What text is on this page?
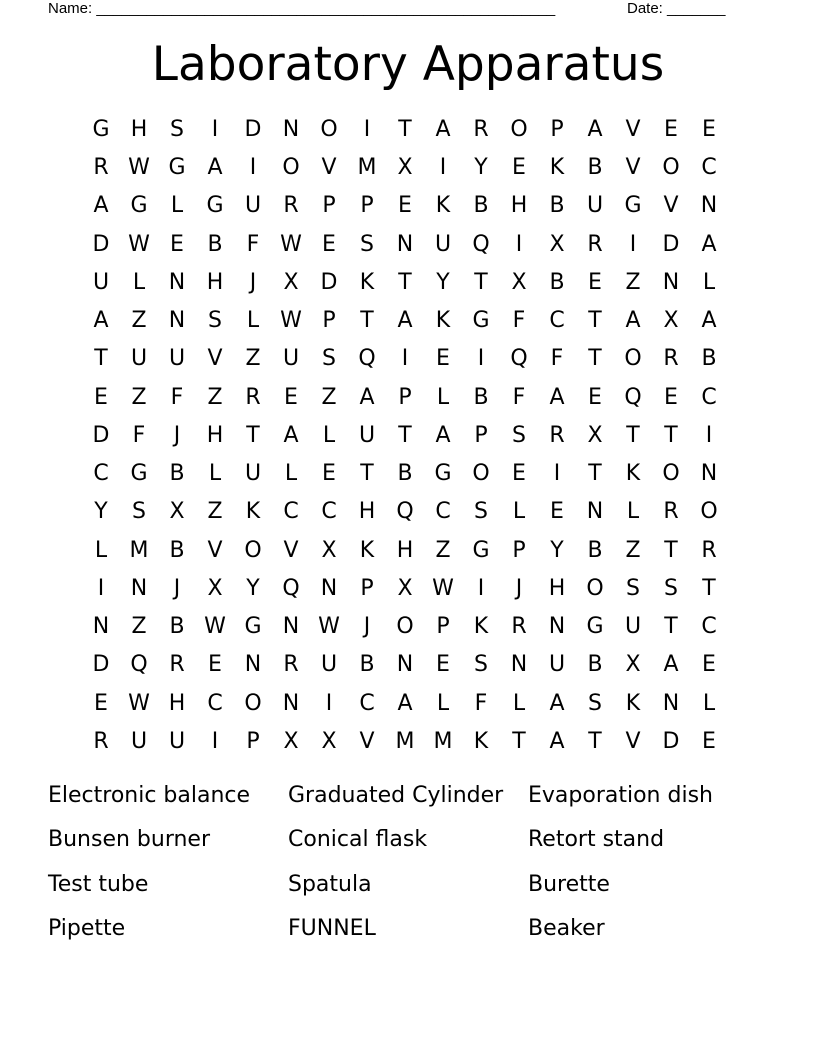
Name: _______________________________________________________	Date: _______
Laboratory Apparatus
G H	S	I	D N O	I	T	A	R O	P	A	V	E	E
R W G A	I	O V M X	I	Y	E	K	B	V O C
A G	L	G U	R	P	P	E	K	B	H	B	U G V	N
D W E	B	F W E	S	N U Q	I	X	R	I	D	A
U	L	N H	J	X D	K	T	Y	T	X	B	E	Z	N	L
A	Z	N	S	L W P	T	A	K	G	F	C	T	A	X	A
T	U U	V	Z	U	S	Q	I	E	I	Q	F	T	O R	B
E	Z	F	Z	R	E	Z	A	P	L	B	F	A	E	Q	E	C
D	F	J	H	T	A	L	U	T	A	P	S	R	X	T	T	I
C G B	L	U	L	E	T	B G O	E	I	T	K	O N
Y	S	X	Z	K	C	C	H Q C	S	L	E	N	L	R O
L	M B	V O V	X	K	H	Z G	P	Y	B	Z	T	R
I	N	J	X	Y	Q N	P	X W	I	J	H O	S	S	T
N	Z	B W G N W	J	O	P	K	R	N G U	T	C
D Q R	E	N	R	U	B	N	E	S	N U	B	X	A	E
E W H	C O N	I	C	A	L	F	L	A	S	K	N	L
R	U U	I	P	X	X	V M M K	T	A	T	V D	E
Electronic balance	Graduated Cylinder	Evaporation dish
Bunsen burner	Conical flask	Retort stand
Test tube	Spatula	Burette
Pipette	FUNNEL	Beaker
